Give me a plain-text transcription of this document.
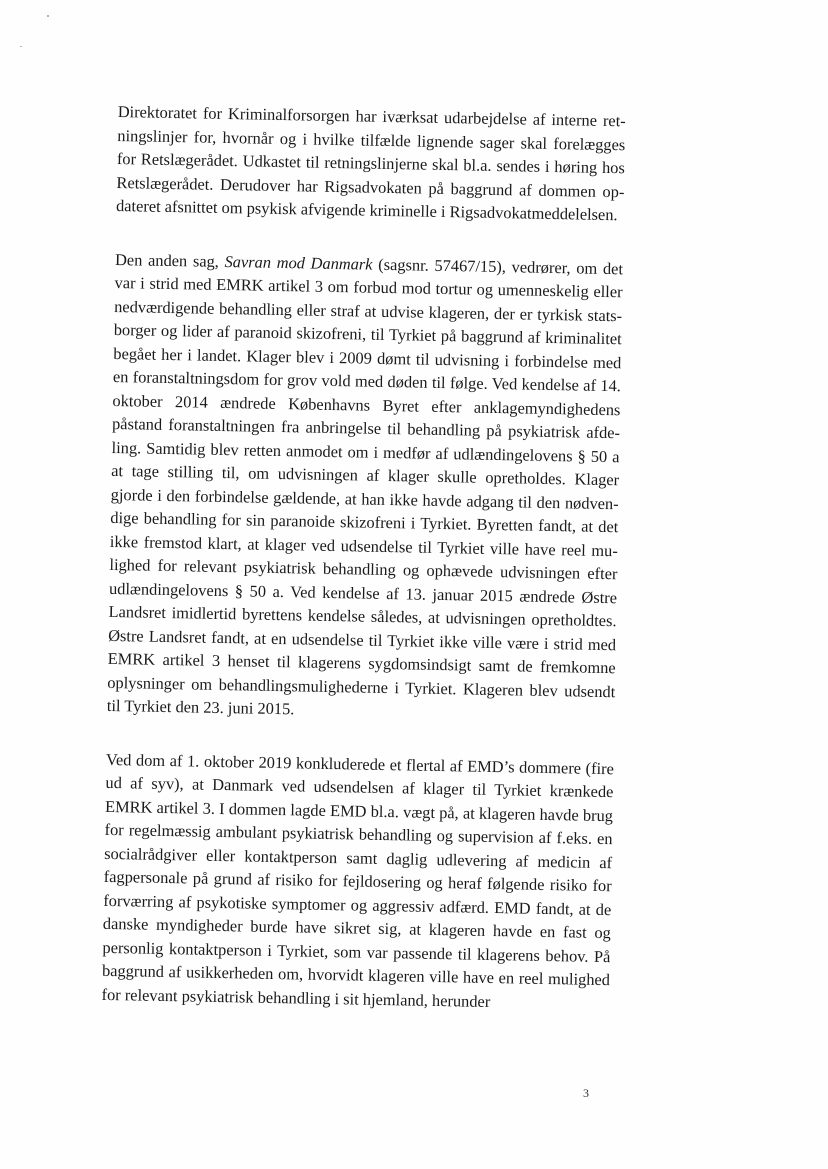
Direktoratet for Kriminalforsorgen har iværksat udarbejdelse af interne retningslinjer for, hvornår og i hvilke tilfælde lignende sager skal forelægges for Retslægerådet. Udkastet til retningslinjerne skal bl.a. sendes i høring hos Retslægerådet. Derudover har Rigsadvokaten på baggrund af dommen opdateret afsnittet om psykisk afvigende kriminelle i Rigsadvokatmeddelelsen.

Den anden sag, Savran mod Danmark (sagsnr. 57467/15), vedrører, om det var i strid med EMRK artikel 3 om forbud mod tortur og umenneskelig eller nedværdigende behandling eller straf at udvise klageren, der er tyrkisk statsborger og lider af paranoid skizofreni, til Tyrkiet på baggrund af kriminalitet begået her i landet. Klager blev i 2009 dømt til udvisning i forbindelse med en foranstaltningsdom for grov vold med døden til følge. Ved kendelse af 14. oktober 2014 ændrede Københavns Byret efter anklagemyndighedens påstand foranstaltningen fra anbringelse til behandling på psykiatrisk afdeling. Samtidig blev retten anmodet om i medfør af udlændingelovens § 50 a at tage stilling til, om udvisningen af klager skulle opretholdes. Klager gjorde i den forbindelse gældende, at han ikke havde adgang til den nødvendige behandling for sin paranoide skizofreni i Tyrkiet. Byretten fandt, at det ikke fremstod klart, at klager ved udsendelse til Tyrkiet ville have reel mulighed for relevant psykiatrisk behandling og ophævede udvisningen efter udlændingelovens § 50 a. Ved kendelse af 13. januar 2015 ændrede Østre Landsret imidlertid byrettens kendelse således, at udvisningen opretholdtes. Østre Landsret fandt, at en udsendelse til Tyrkiet ikke ville være i strid med EMRK artikel 3 henset til klagerens sygdomsindsigt samt de fremkomne oplysninger om behandlingsmulighederne i Tyrkiet. Klageren blev udsendt til Tyrkiet den 23. juni 2015.

Ved dom af 1. oktober 2019 konkluderede et flertal af EMD’s dommere (fire ud af syv), at Danmark ved udsendelsen af klager til Tyrkiet krænkede EMRK artikel 3. I dommen lagde EMD bl.a. vægt på, at klageren havde brug for regelmæssig ambulant psykiatrisk behandling og supervision af f.eks. en socialrådgiver eller kontaktperson samt daglig udlevering af medicin af fagpersonale på grund af risiko for fejldosering og heraf følgende risiko for forværring af psykotiske symptomer og aggressiv adfærd. EMD fandt, at de danske myndigheder burde have sikret sig, at klageren havde en fast og personlig kontaktperson i Tyrkiet, som var passende til klagerens behov. På baggrund af usikkerheden om, hvorvidt klageren ville have en reel mulighed for relevant psykiatrisk behandling i sit hjemland, herunder

3
